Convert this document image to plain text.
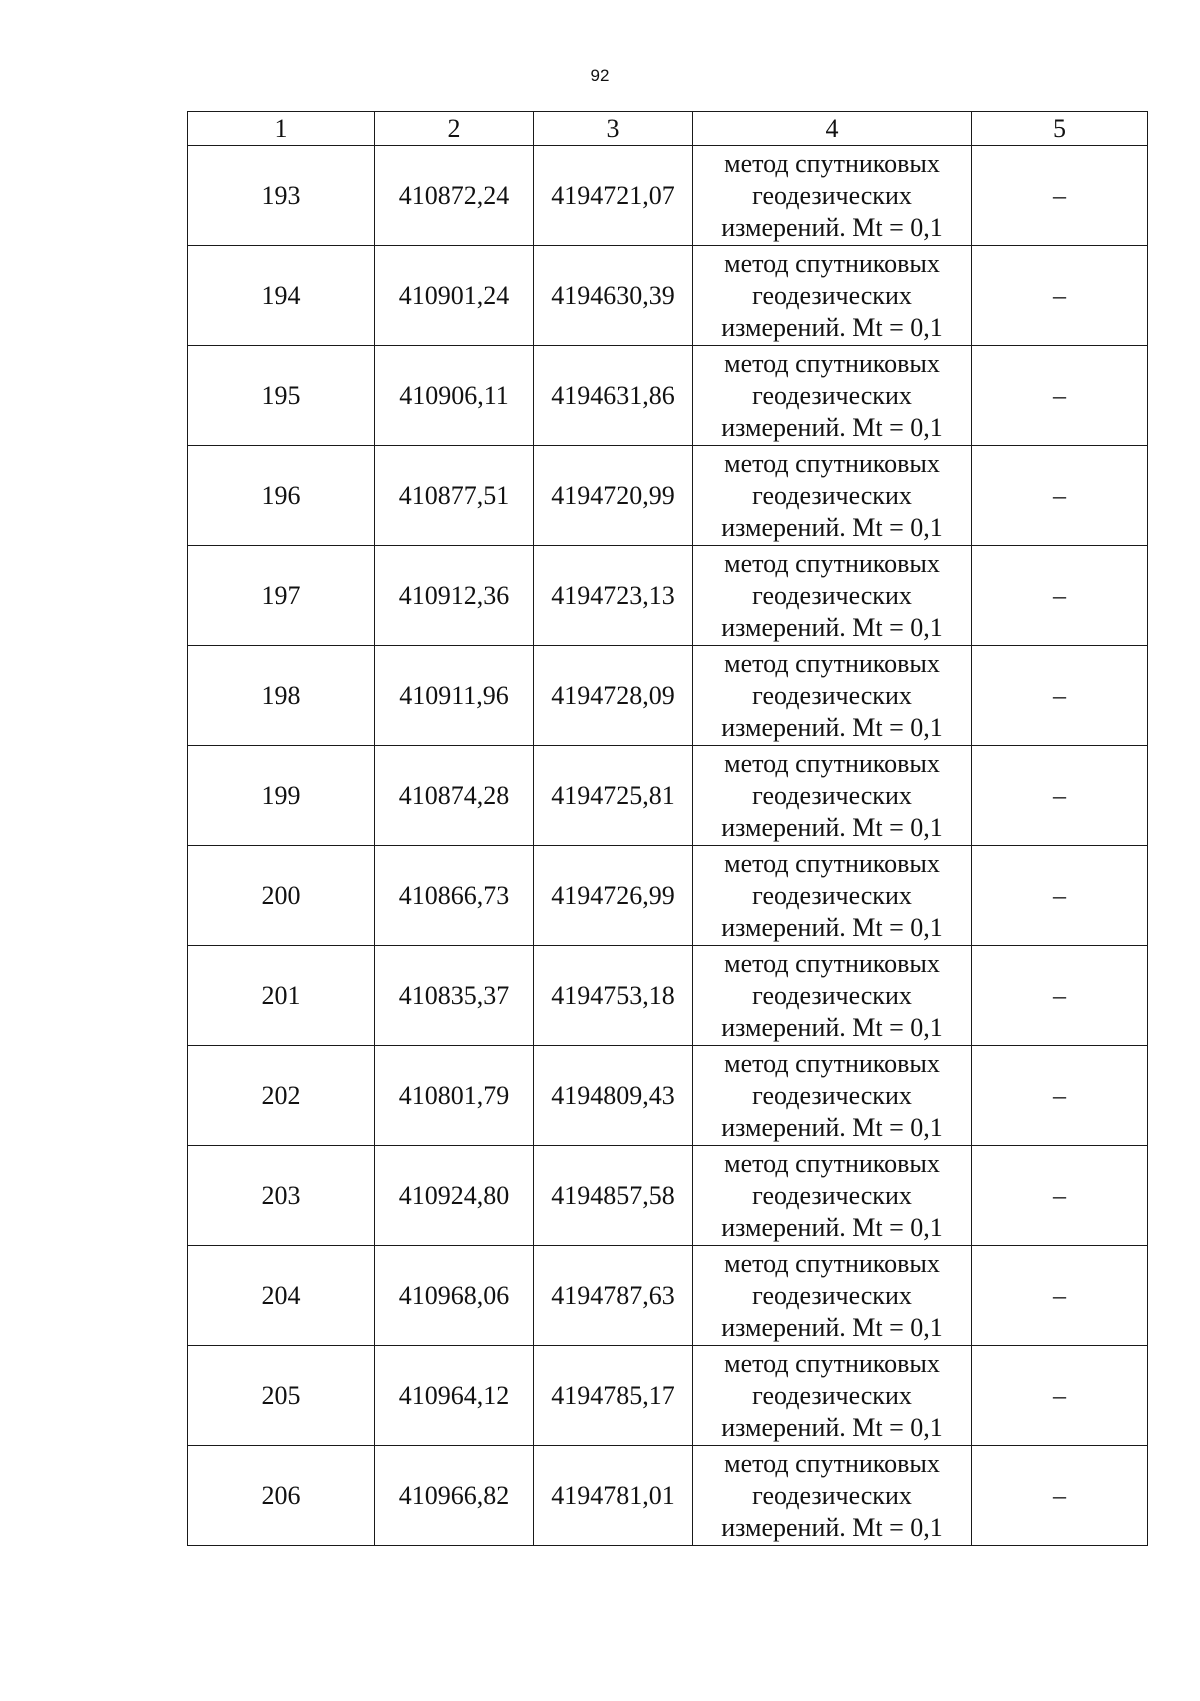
92
1	2	3	4	5
193	410872,24	4194721,07	метод спутниковых геодезических измерений. Mt = 0,1	–
194	410901,24	4194630,39	метод спутниковых геодезических измерений. Mt = 0,1	–
195	410906,11	4194631,86	метод спутниковых геодезических измерений. Mt = 0,1	–
196	410877,51	4194720,99	метод спутниковых геодезических измерений. Mt = 0,1	–
197	410912,36	4194723,13	метод спутниковых геодезических измерений. Mt = 0,1	–
198	410911,96	4194728,09	метод спутниковых геодезических измерений. Mt = 0,1	–
199	410874,28	4194725,81	метод спутниковых геодезических измерений. Mt = 0,1	–
200	410866,73	4194726,99	метод спутниковых геодезических измерений. Mt = 0,1	–
201	410835,37	4194753,18	метод спутниковых геодезических измерений. Mt = 0,1	–
202	410801,79	4194809,43	метод спутниковых геодезических измерений. Mt = 0,1	–
203	410924,80	4194857,58	метод спутниковых геодезических измерений. Mt = 0,1	–
204	410968,06	4194787,63	метод спутниковых геодезических измерений. Mt = 0,1	–
205	410964,12	4194785,17	метод спутниковых геодезических измерений. Mt = 0,1	–
206	410966,82	4194781,01	метод спутниковых геодезических измерений. Mt = 0,1	–
